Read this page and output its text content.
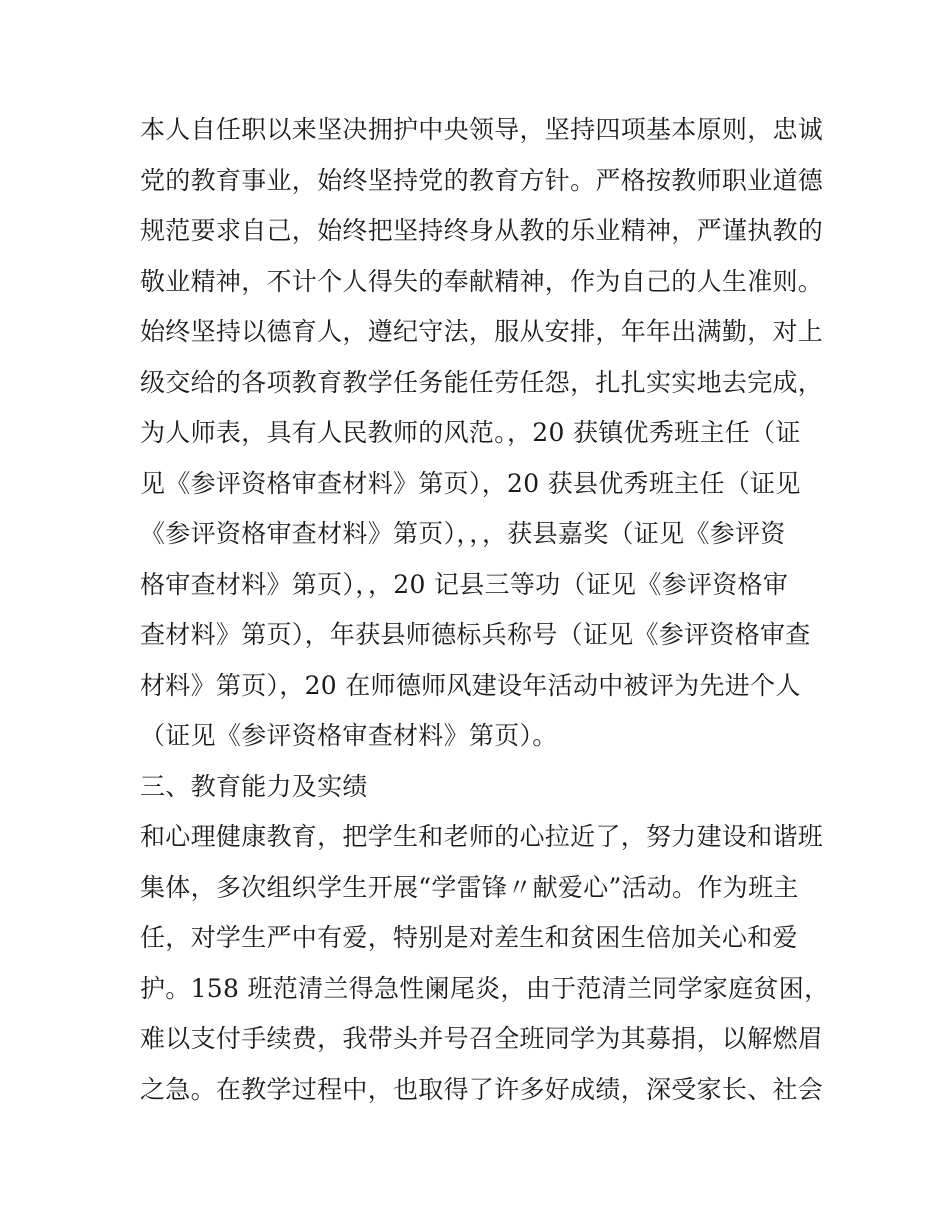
本人自任职以来坚决拥护中央领导，坚持四项基本原则，忠诚
党的教育事业，始终坚持党的教育方针。严格按教师职业道德
规范要求自己，始终把坚持终身从教的乐业精神，严谨执教的
敬业精神，不计个人得失的奉献精神，作为自己的人生准则。
始终坚持以德育人，遵纪守法，服从安排，年年出满勤，对上
级交给的各项教育教学任务能任劳任怨，扎扎实实地去完成，
为人师表，具有人民教师的风范。，20 获镇优秀班主任（证
见《参评资格审查材料》第页），20 获县优秀班主任（证见
《参评资格审查材料》第页），，，获县嘉奖（证见《参评资
格审查材料》第页），，20 记县三等功（证见《参评资格审
查材料》第页），年获县师德标兵称号（证见《参评资格审查
材料》第页），20 在师德师风建设年活动中被评为先进个人
（证见《参评资格审查材料》第页）。
三、教育能力及实绩
和心理健康教育，把学生和老师的心拉近了，努力建设和谐班
集体，多次组织学生开展“学雷锋〃献爱心”活动。作为班主
任，对学生严中有爱，特别是对差生和贫困生倍加关心和爱
护。158 班范清兰得急性阑尾炎，由于范清兰同学家庭贫困，
难以支付手续费，我带头并号召全班同学为其募捐，以解燃眉
之急。在教学过程中，也取得了许多好成绩，深受家长、社会
